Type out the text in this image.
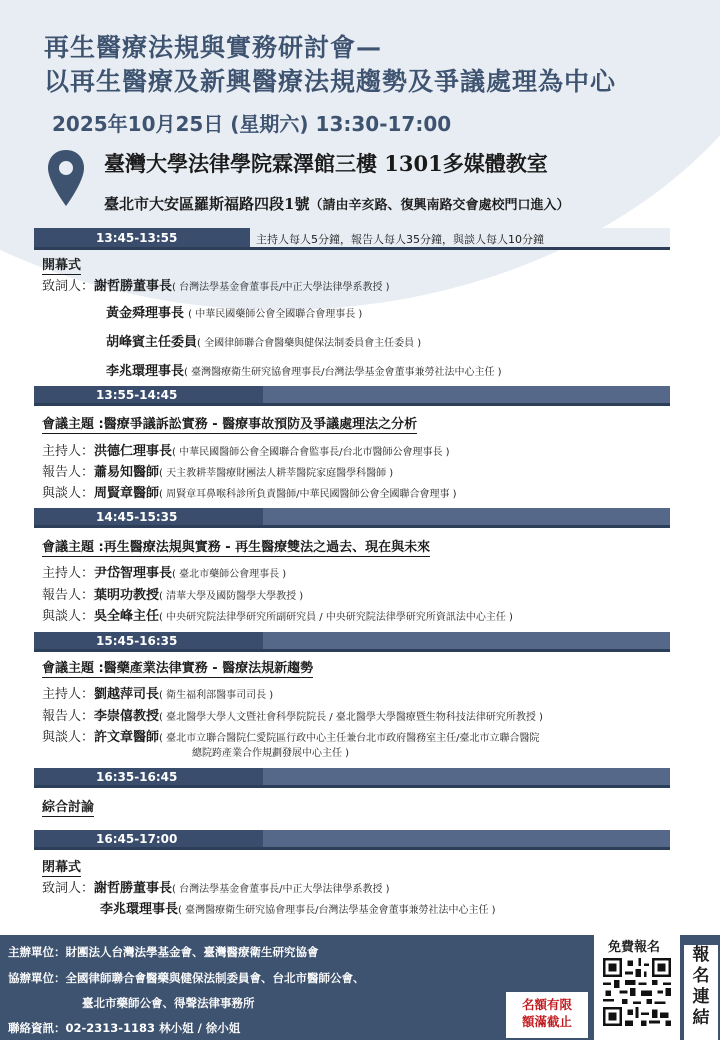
再生醫療法規與實務研討會—
以再生醫療及新興醫療法規趨勢及爭議處理為中心
2025年10月25日 (星期六) 13:30-17:00
臺灣大學法律學院霖澤館三樓 1301多媒體教室
臺北市大安區羅斯福路四段1號（請由辛亥路、復興南路交會處校門口進入）
13:45-13:55	主持人每人5分鐘，報告人每人35分鐘，與談人每人10分鐘
開幕式
致詞人：謝哲勝董事長( 台灣法學基金會董事長/中正大學法律學系教授 )
黃金舜理事長 ( 中華民國藥師公會全國聯合會理事長 )
胡峰賓主任委員( 全國律師聯合會醫藥與健保法制委員會主任委員 )
李兆環理事長( 臺灣醫療衛生研究協會理事長/台灣法學基金會董事兼勞社法中心主任 )
13:55-14:45
會議主題 :醫療爭議訴訟實務 - 醫療事故預防及爭議處理法之分析
主持人：洪德仁理事長( 中華民國醫師公會全國聯合會監事長/台北市醫師公會理事長 )
報告人：蕭易知醫師( 天主教耕莘醫療財團法人耕莘醫院家庭醫學科醫師 )
與談人：周賢章醫師( 周賢章耳鼻喉科診所負責醫師/中華民國醫師公會全國聯合會理事 )
14:45-15:35
會議主題 :再生醫療法規與實務 - 再生醫療雙法之過去、現在與未來
主持人：尹岱智理事長( 臺北市藥師公會理事長 )
報告人：葉明功教授( 清華大學及國防醫學大學教授 )
與談人：吳全峰主任( 中央研究院法律學研究所副研究員 / 中央研究院法律學研究所資訊法中心主任 )
15:45-16:35
會議主題 :醫藥產業法律實務 - 醫療法規新趨勢
主持人：劉越萍司長( 衛生福利部醫事司司長 )
報告人：李崇僖教授( 臺北醫學大學人文暨社會科學院院長 / 臺北醫學大學醫療暨生物科技法律研究所教授 )
與談人：許文章醫師( 臺北市立聯合醫院仁愛院區行政中心主任兼台北市政府醫務室主任/臺北市立聯合醫院
總院跨產業合作規劃發展中心主任 )
16:35-16:45
綜合討論
16:45-17:00
閉幕式
致詞人：謝哲勝董事長( 台灣法學基金會董事長/中正大學法律學系教授 )
李兆環理事長( 臺灣醫療衛生研究協會理事長/台灣法學基金會董事兼勞社法中心主任 )
主辦單位：財團法人台灣法學基金會、臺灣醫療衛生研究協會
協辦單位：全國律師聯合會醫藥與健保法制委員會、台北市醫師公會、
臺北市藥師公會、得聲法律事務所
聯絡資訊：02-2313-1183 林小姐 / 徐小姐
名額有限
額滿截止
免費報名	報
名
連
結
